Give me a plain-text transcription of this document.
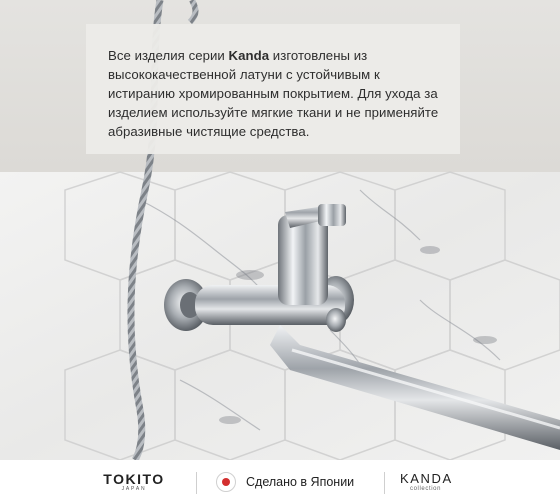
Все изделия серии Kanda изготовлены из высококачественной латуни с устойчивым к истиранию хромированным покрытием. Для ухода за изделием используйте мягкие ткани и не применяйте абразивные чистящие средства.

TOKITO
JAPAN	Сделано в Японии	KANDA
collection
